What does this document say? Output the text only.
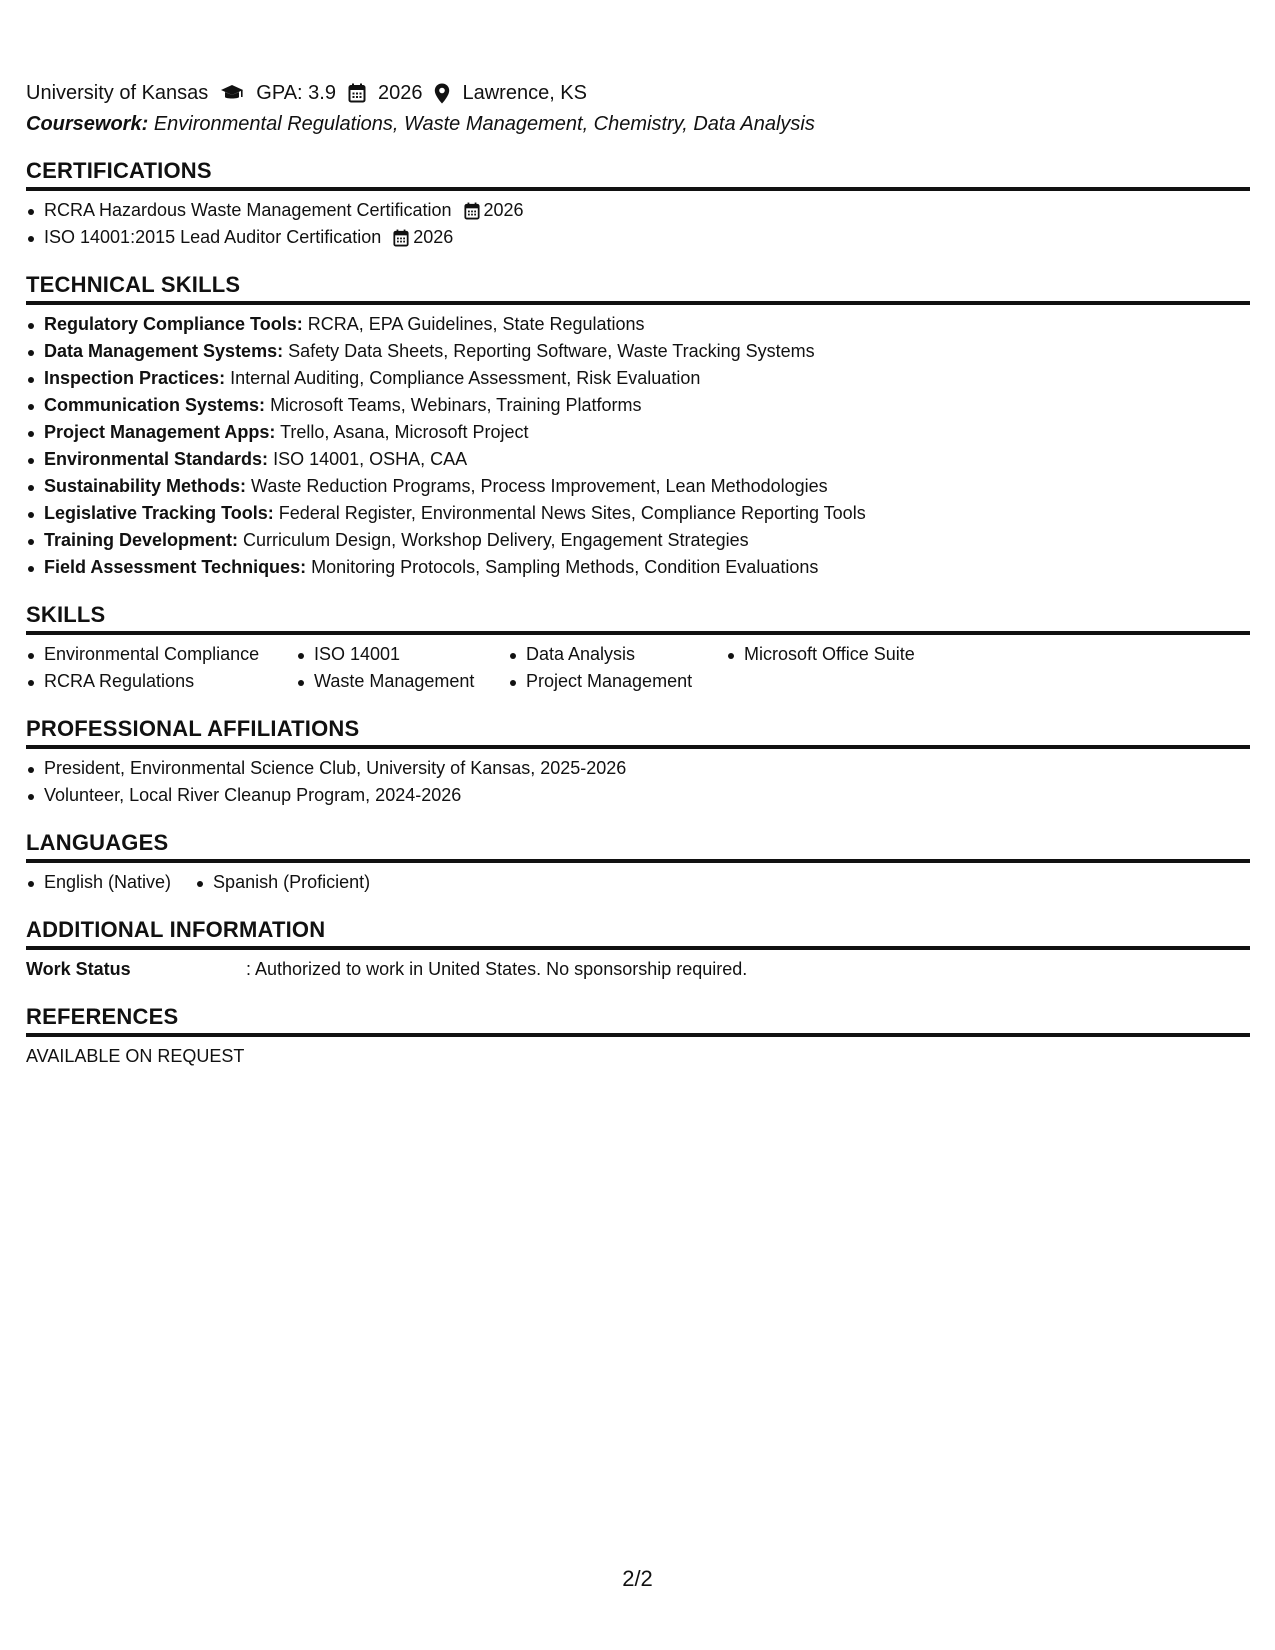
University of Kansas GPA: 3.9 2026 Lawrence, KS
Coursework: Environmental Regulations, Waste Management, Chemistry, Data Analysis
CERTIFICATIONS
RCRA Hazardous Waste Management Certification 2026
ISO 14001:2015 Lead Auditor Certification 2026
TECHNICAL SKILLS
Regulatory Compliance Tools: RCRA, EPA Guidelines, State Regulations
Data Management Systems: Safety Data Sheets, Reporting Software, Waste Tracking Systems
Inspection Practices: Internal Auditing, Compliance Assessment, Risk Evaluation
Communication Systems: Microsoft Teams, Webinars, Training Platforms
Project Management Apps: Trello, Asana, Microsoft Project
Environmental Standards: ISO 14001, OSHA, CAA
Sustainability Methods: Waste Reduction Programs, Process Improvement, Lean Methodologies
Legislative Tracking Tools: Federal Register, Environmental News Sites, Compliance Reporting Tools
Training Development: Curriculum Design, Workshop Delivery, Engagement Strategies
Field Assessment Techniques: Monitoring Protocols, Sampling Methods, Condition Evaluations
SKILLS
Environmental Compliance
RCRA Regulations
ISO 14001
Waste Management
Data Analysis
Project Management
Microsoft Office Suite
PROFESSIONAL AFFILIATIONS
President, Environmental Science Club, University of Kansas, 2025-2026
Volunteer, Local River Cleanup Program, 2024-2026
LANGUAGES
English (Native)	Spanish (Proficient)
ADDITIONAL INFORMATION
Work Status	: Authorized to work in United States. No sponsorship required.
REFERENCES
AVAILABLE ON REQUEST
2/2
